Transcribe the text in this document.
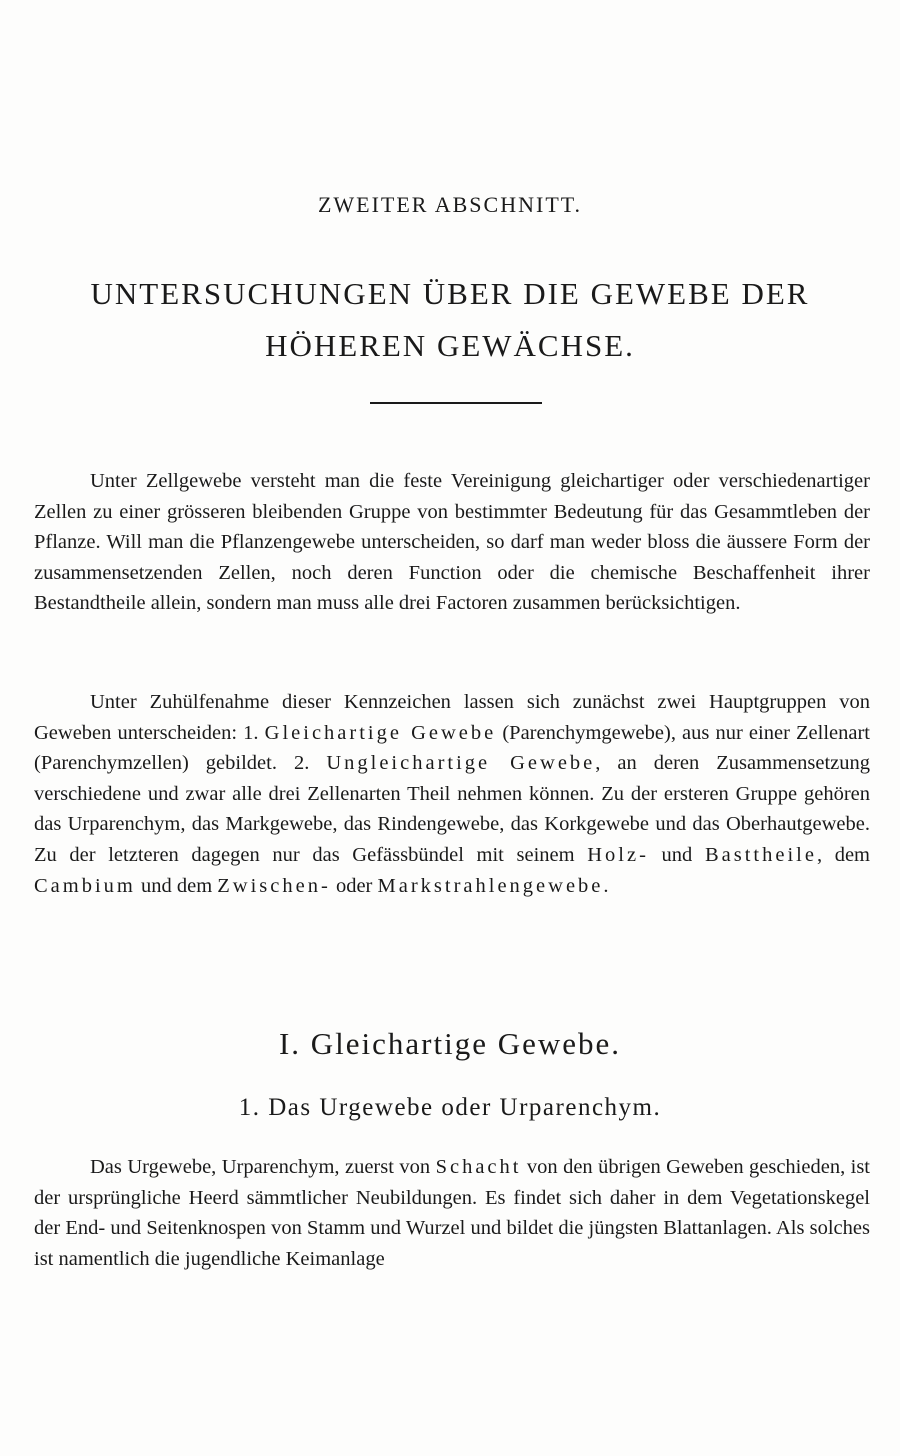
ZWEITER ABSCHNITT.
UNTERSUCHUNGEN ÜBER DIE GEWEBE DER
HÖHEREN GEWÄCHSE.

Unter Zellgewebe versteht man die feste Vereinigung gleichartiger oder verschiedenartiger Zellen zu einer grösseren bleibenden Gruppe von bestimmter Bedeutung für das Gesammtleben der Pflanze. Will man die Pflanzengewebe unterscheiden, so darf man weder bloss die äussere Form der zusammensetzenden Zellen, noch deren Function oder die chemische Beschaffenheit ihrer Bestandtheile allein, sondern man muss alle drei Factoren zusammen berücksichtigen.

Unter Zuhülfenahme dieser Kennzeichen lassen sich zunächst zwei Hauptgruppen von Geweben unterscheiden: 1. Gleichartige Gewebe (Parenchymgewebe), aus nur einer Zellenart (Parenchymzellen) gebildet. 2. Ungleichartige Gewebe, an deren Zusammensetzung verschiedene und zwar alle drei Zellenarten Theil nehmen können. Zu der ersteren Gruppe gehören das Urparenchym, das Markgewebe, das Rindengewebe, das Korkgewebe und das Oberhautgewebe. Zu der letzteren dagegen nur das Gefässbündel mit seinem Holz- und Basttheile, dem Cambium und dem Zwischen- oder Markstrahlengewebe.

I. Gleichartige Gewebe.
1. Das Urgewebe oder Urparenchym.

Das Urgewebe, Urparenchym, zuerst von Schacht von den übrigen Geweben geschieden, ist der ursprüngliche Heerd sämmtlicher Neubildungen. Es findet sich daher in dem Vegetationskegel der End- und Seitenknospen von Stamm und Wurzel und bildet die jüngsten Blattanlagen. Als solches ist namentlich die jugendliche Keimanlage
